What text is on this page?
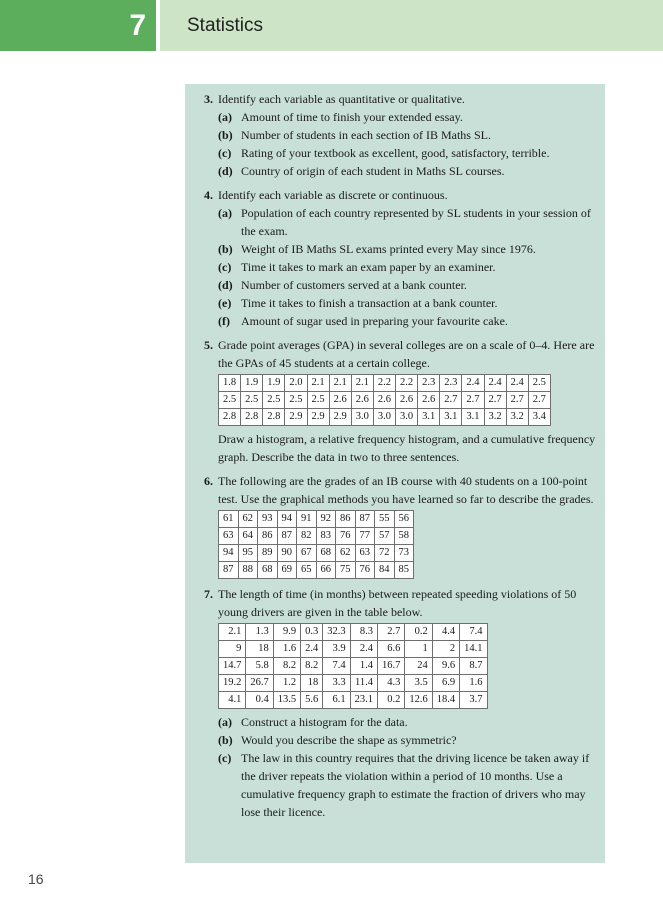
7 Statistics
3. Identify each variable as quantitative or qualitative.
(a) Amount of time to finish your extended essay.
(b) Number of students in each section of IB Maths SL.
(c) Rating of your textbook as excellent, good, satisfactory, terrible.
(d) Country of origin of each student in Maths SL courses.
4. Identify each variable as discrete or continuous.
(a) Population of each country represented by SL students in your session of the exam.
(b) Weight of IB Maths SL exams printed every May since 1976.
(c) Time it takes to mark an exam paper by an examiner.
(d) Number of customers served at a bank counter.
(e) Time it takes to finish a transaction at a bank counter.
(f) Amount of sugar used in preparing your favourite cake.
5. Grade point averages (GPA) in several colleges are on a scale of 0–4. Here are the GPAs of 45 students at a certain college.
1.8	1.9	1.9	2.0	2.1	2.1	2.1	2.2	2.2	2.3	2.3	2.4	2.4	2.4	2.5
2.5	2.5	2.5	2.5	2.5	2.6	2.6	2.6	2.6	2.6	2.7	2.7	2.7	2.7	2.7
2.8	2.8	2.8	2.9	2.9	2.9	3.0	3.0	3.0	3.1	3.1	3.1	3.2	3.2	3.4
Draw a histogram, a relative frequency histogram, and a cumulative frequency graph. Describe the data in two to three sentences.
6. The following are the grades of an IB course with 40 students on a 100-point test. Use the graphical methods you have learned so far to describe the grades.
61	62	93	94	91	92	86	87	55	56
63	64	86	87	82	83	76	77	57	58
94	95	89	90	67	68	62	63	72	73
87	88	68	69	65	66	75	76	84	85
7. The length of time (in months) between repeated speeding violations of 50 young drivers are given in the table below.
2.1	1.3	9.9	0.3	32.3	8.3	2.7	0.2	4.4	7.4
9	18	1.6	2.4	3.9	2.4	6.6	1	2	14.1
14.7	5.8	8.2	8.2	7.4	1.4	16.7	24	9.6	8.7
19.2	26.7	1.2	18	3.3	11.4	4.3	3.5	6.9	1.6
4.1	0.4	13.5	5.6	6.1	23.1	0.2	12.6	18.4	3.7
(a) Construct a histogram for the data.
(b) Would you describe the shape as symmetric?
(c) The law in this country requires that the driving licence be taken away if the driver repeats the violation within a period of 10 months. Use a cumulative frequency graph to estimate the fraction of drivers who may lose their licence.
16
